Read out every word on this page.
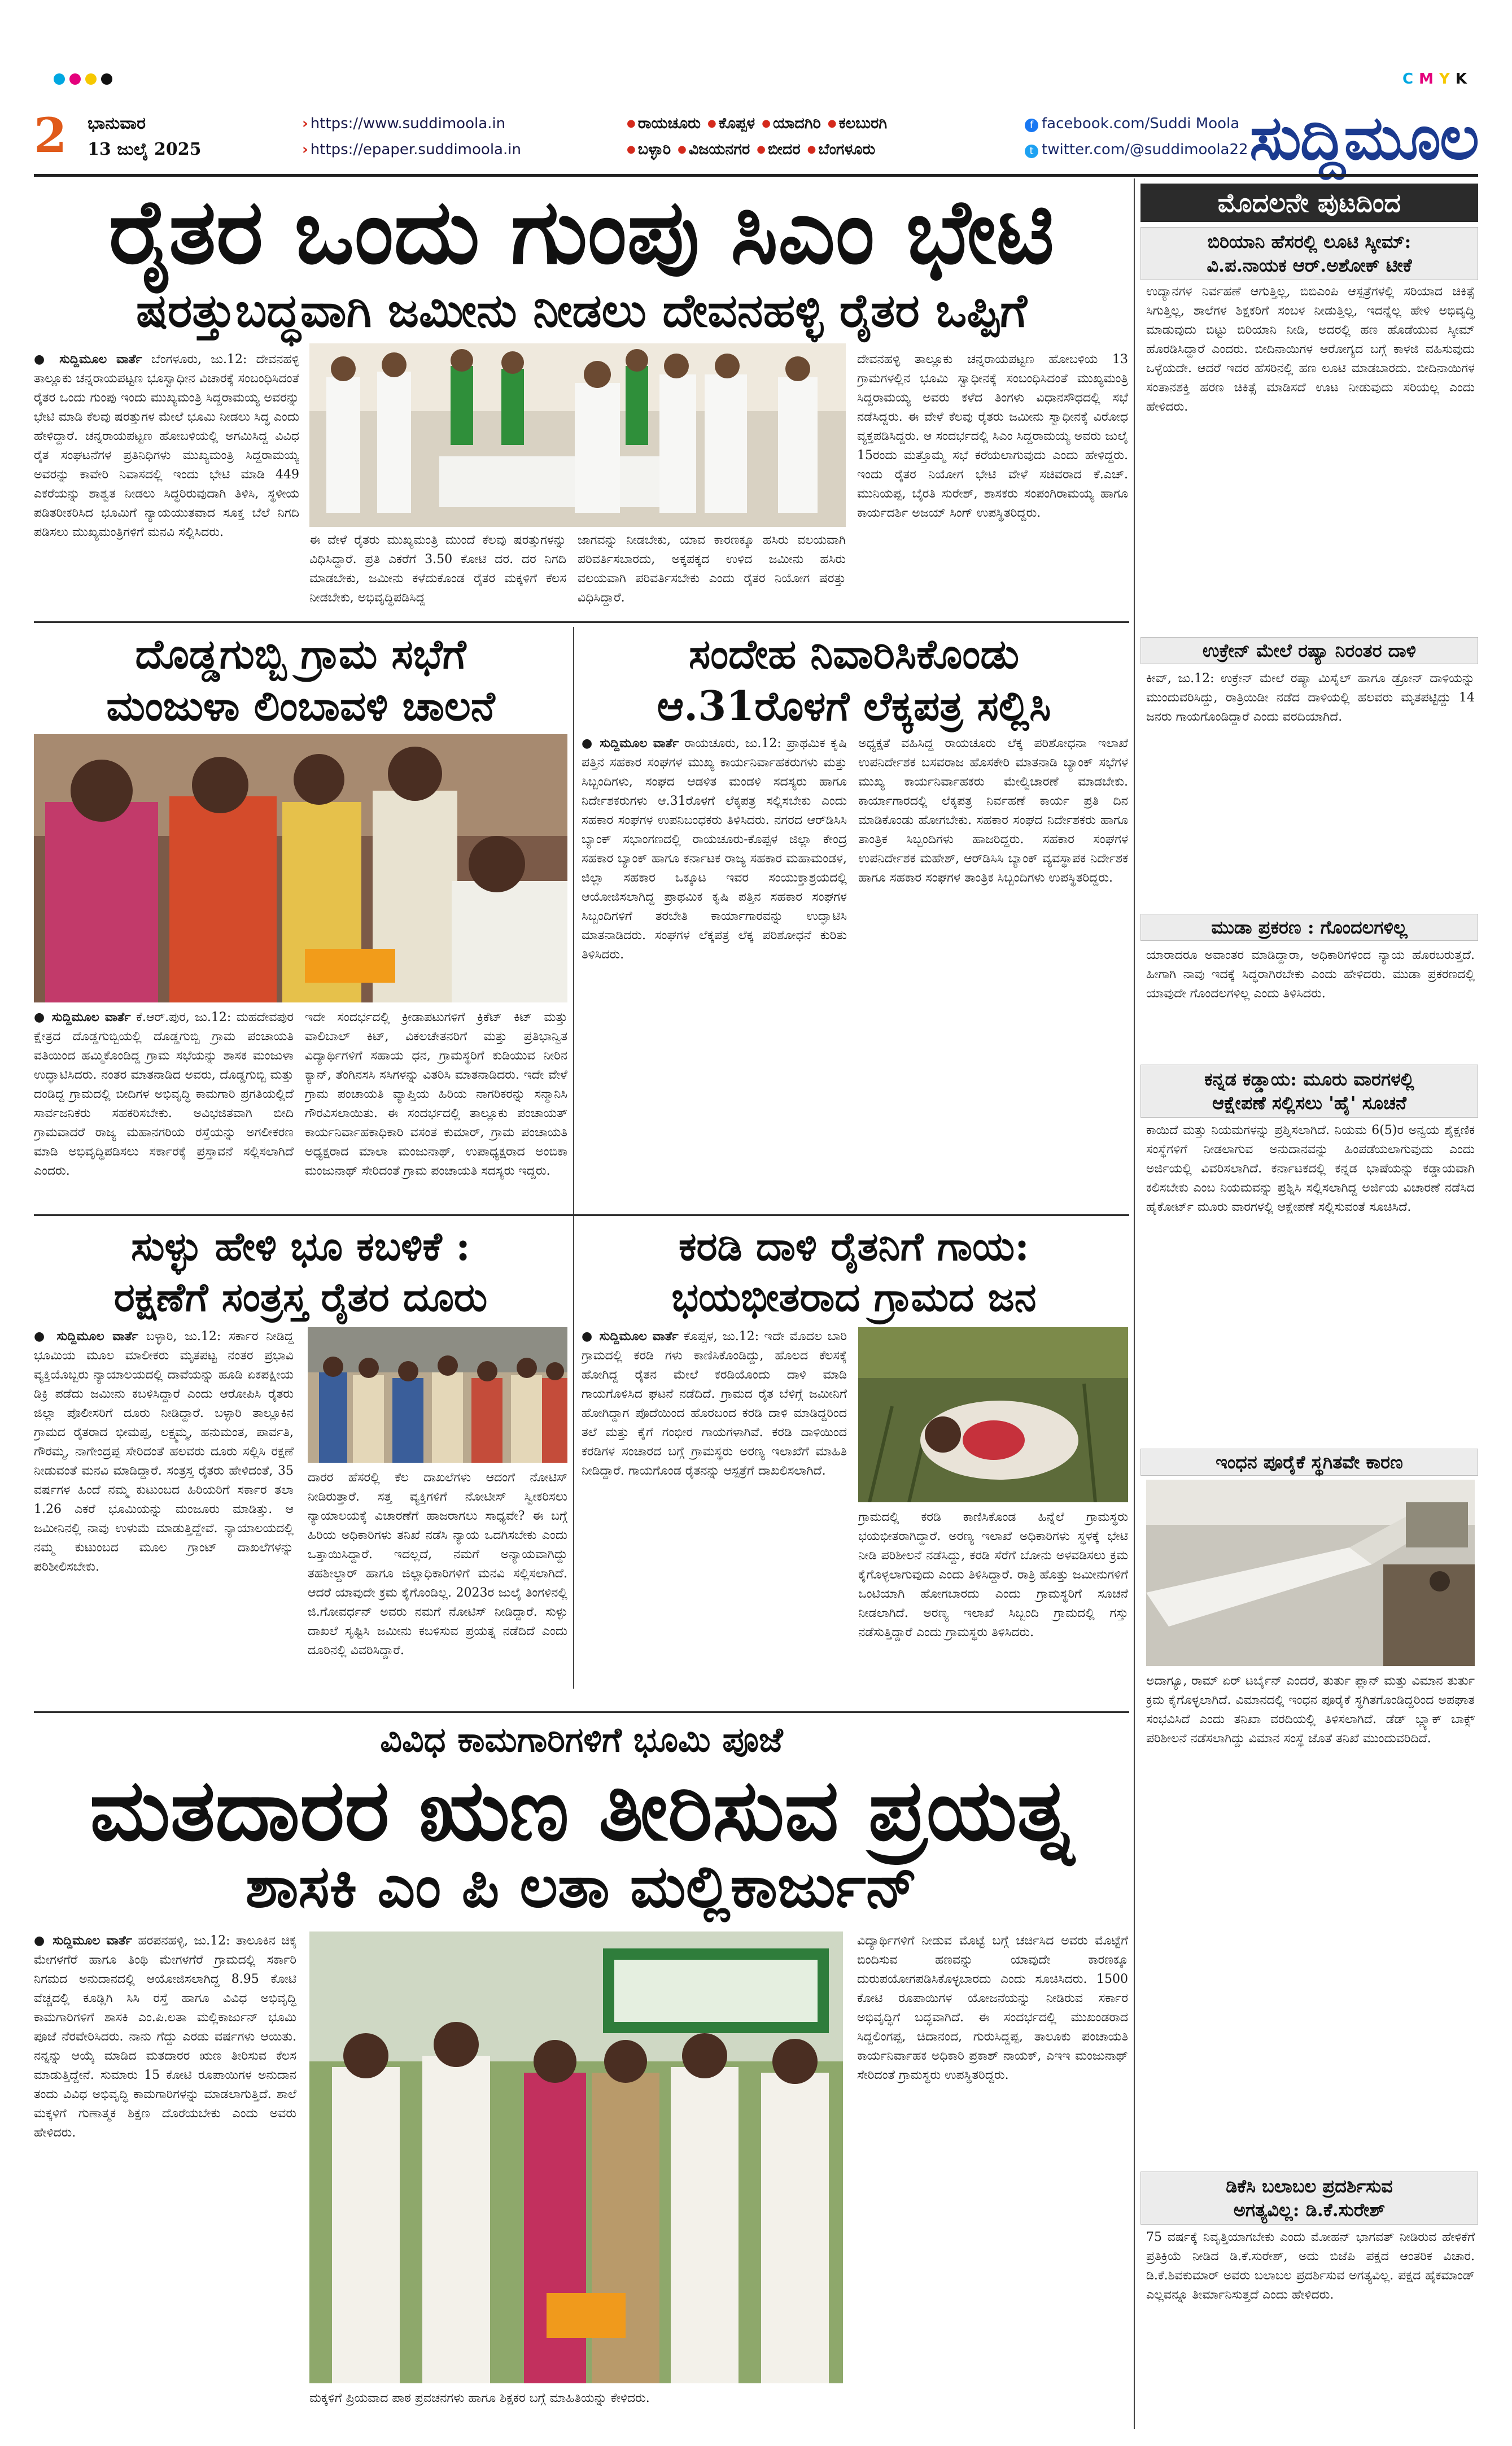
CMYK
2 ಭಾನುವಾರ
13 ಜುಲೈ 2025
› https://www.suddimoola.in
› https://epaper.suddimoola.in
● ರಾಯಚೂರು ● ಕೊಪ್ಪಳ ● ಯಾದಗಿರಿ ● ಕಲಬುರಗಿ
● ಬಳ್ಳಾರಿ ● ವಿಜಯನಗರ ● ಬೀದರ ● ಬೆಂಗಳೂರು
f facebook.com/Suddi Moola
t twitter.com/@suddimoola22 ಸುದ್ದಿಮೂಲ
ರೈತರ ಒಂದು ಗುಂಪು ಸಿಎಂ ಭೇಟಿ
ಷರತ್ತುಬದ್ಧವಾಗಿ ಜಮೀನು ನೀಡಲು ದೇವನಹಳ್ಳಿ ರೈತರ ಒಪ್ಪಿಗೆ
● ಸುದ್ದಿಮೂಲ ವಾರ್ತೆ ಬೆಂಗಳೂರು, ಜು.12: ದೇವನಹಳ್ಳಿ ತಾಲ್ಲೂಕು ಚನ್ನರಾಯಪಟ್ಟಣ ಭೂಸ್ವಾಧೀನ ವಿಚಾರಕ್ಕೆ ಸಂಬಂಧಿಸಿದಂತೆ ರೈತರ ಒಂದು ಗುಂಪು ಇಂದು ಮುಖ್ಯಮಂತ್ರಿ ಸಿದ್ದರಾಮಯ್ಯ ಅವರನ್ನು ಭೇಟಿ ಮಾಡಿ ಕೆಲವು ಷರತ್ತುಗಳ ಮೇಲೆ ಭೂಮಿ ನೀಡಲು ಸಿದ್ಧ ಎಂದು ಹೇಳಿದ್ದಾರೆ. ಚನ್ನರಾಯಪಟ್ಟಣ ಹೋಬಳಿಯಲ್ಲಿ ಅಗಮಿಸಿದ್ದ ವಿವಿಧ ರೈತ ಸಂಘಟನೆಗಳ ಪ್ರತಿನಿಧಿಗಳು ಮುಖ್ಯಮಂತ್ರಿ ಸಿದ್ದರಾಮಯ್ಯ ಅವರನ್ನು ಕಾವೇರಿ ನಿವಾಸದಲ್ಲಿ ಇಂದು ಭೇಟಿ ಮಾಡಿ 449 ಎಕರೆಯನ್ನು ಶಾಶ್ವತ ನೀಡಲು ಸಿದ್ಧರಿರುವುದಾಗಿ ತಿಳಿಸಿ, ಸ್ಥಳೀಯ ಪಡಿತರೀಕರಿಸಿದ ಭೂಮಿಗೆ ನ್ಯಾಯಯುತವಾದ ಸೂಕ್ತ ಬೆಲೆ ನಿಗದಿ ಪಡಿಸಲು ಮುಖ್ಯಮಂತ್ರಿಗಳಿಗೆ ಮನವಿ ಸಲ್ಲಿಸಿದರು.
ಈ ವೇಳೆ ರೈತರು ಮುಖ್ಯಮಂತ್ರಿ ಮುಂದೆ ಕೆಲವು ಷರತ್ತುಗಳನ್ನು ವಿಧಿಸಿದ್ದಾರೆ. ಪ್ರತಿ ಎಕರೆಗೆ 3.50 ಕೋಟಿ ದರ. ದರ ನಿಗದಿ ಮಾಡಬೇಕು, ಜಮೀನು ಕಳೆದುಕೊಂಡ ರೈತರ ಮಕ್ಕಳಿಗೆ ಕೆಲಸ ನೀಡಬೇಕು, ಅಭಿವೃದ್ಧಿಪಡಿಸಿದ್ದ
ಜಾಗವನ್ನು ನೀಡಬೇಕು, ಯಾವ ಕಾರಣಕ್ಕೂ ಹಸಿರು ವಲಯವಾಗಿ ಪರಿವರ್ತಿಸಬಾರದು, ಅಕ್ಕಪಕ್ಕದ ಉಳಿದ ಜಮೀನು ಹಸಿರು ವಲಯವಾಗಿ ಪರಿವರ್ತಿಸಬೇಕು ಎಂದು ರೈತರ ನಿಯೋಗ ಷರತ್ತು ವಿಧಿಸಿದ್ದಾರೆ.
ದೇವನಹಳ್ಳಿ ತಾಲ್ಲೂಕು ಚನ್ನರಾಯಪಟ್ಟಣ ಹೋಬಳಿಯ 13 ಗ್ರಾಮಗಳಲ್ಲಿನ ಭೂಮಿ ಸ್ವಾಧೀನಕ್ಕೆ ಸಂಬಂಧಿಸಿದಂತೆ ಮುಖ್ಯಮಂತ್ರಿ ಸಿದ್ದರಾಮಯ್ಯ ಅವರು ಕಳೆದ ತಿಂಗಳು ವಿಧಾನಸೌಧದಲ್ಲಿ ಸಭೆ ನಡೆಸಿದ್ದರು. ಈ ವೇಳೆ ಕೆಲವು ರೈತರು ಜಮೀನು ಸ್ವಾಧೀನಕ್ಕೆ ವಿರೋಧ ವ್ಯಕ್ತಪಡಿಸಿದ್ದರು. ಆ ಸಂದರ್ಭದಲ್ಲಿ ಸಿಎಂ ಸಿದ್ದರಾಮಯ್ಯ ಅವರು ಜುಲೈ 15ರಂದು ಮತ್ತೊಮ್ಮೆ ಸಭೆ ಕರೆಯಲಾಗುವುದು ಎಂದು ಹೇಳಿದ್ದರು. ಇಂದು ರೈತರ ನಿಯೋಗ ಭೇಟಿ ವೇಳೆ ಸಚಿವರಾದ ಕೆ.ಎಚ್. ಮುನಿಯಪ್ಪ, ಬೈರತಿ ಸುರೇಶ್, ಶಾಸಕರು ಸಂಪಂಗಿರಾಮಯ್ಯ ಹಾಗೂ ಕಾರ್ಯದರ್ಶಿ ಅಜಯ್ ಸಿಂಗ್ ಉಪಸ್ಥಿತರಿದ್ದರು.
ದೊಡ್ಡಗುಬ್ಬಿ ಗ್ರಾಮ ಸಭೆಗೆ
ಮಂಜುಳಾ ಲಿಂಬಾವಳಿ ಚಾಲನೆ
● ಸುದ್ದಿಮೂಲ ವಾರ್ತೆ ಕೆ.ಆರ್.ಪುರ, ಜು.12: ಮಹದೇವಪುರ ಕ್ಷೇತ್ರದ ದೊಡ್ಡಗುಬ್ಬಿಯಲ್ಲಿ ದೊಡ್ಡಗುಬ್ಬಿ ಗ್ರಾಮ ಪಂಚಾಯತಿ ವತಿಯಿಂದ ಹಮ್ಮಿಕೊಂಡಿದ್ದ ಗ್ರಾಮ ಸಭೆಯನ್ನು ಶಾಸಕ ಮಂಜುಳಾ ಉದ್ಘಾಟಿಸಿದರು. ನಂತರ ಮಾತನಾಡಿದ ಅವರು, ದೊಡ್ಡಗುಬ್ಬಿ ಮತ್ತು ದಂಡಿದ್ದ ಗ್ರಾಮದಲ್ಲಿ ಬೀದಿಗಳ ಅಭಿವೃದ್ಧಿ ಕಾಮಗಾರಿ ಪ್ರಗತಿಯಲ್ಲಿದೆ ಸಾರ್ವಜನಿಕರು ಸಹಕರಿಸಬೇಕು. ಅವಿಭಜಿತವಾಗಿ ಬೀದಿ ಗ್ರಾಮವಾದರೆ ರಾಜ್ಯ ಮಹಾನಗರಿಯ ರಸ್ತೆಯನ್ನು ಅಗಲೀಕರಣ ಮಾಡಿ ಅಭಿವೃದ್ಧಿಪಡಿಸಲು ಸರ್ಕಾರಕ್ಕೆ ಪ್ರಸ್ತಾವನೆ ಸಲ್ಲಿಸಲಾಗಿದೆ ಎಂದರು.
ಇದೇ ಸಂದರ್ಭದಲ್ಲಿ ಕ್ರೀಡಾಪಟುಗಳಿಗೆ ಕ್ರಿಕೆಟ್ ಕಿಟ್ ಮತ್ತು ವಾಲಿಬಾಲ್ ಕಿಟ್, ವಿಕಲಚೇತನರಿಗೆ ಮತ್ತು ಪ್ರತಿಭಾನ್ವಿತ ವಿದ್ಯಾರ್ಥಿಗಳಿಗೆ ಸಹಾಯ ಧನ, ಗ್ರಾಮಸ್ಥರಿಗೆ ಕುಡಿಯುವ ನೀರಿನ ಕ್ಯಾನ್, ತೆಂಗಿನಸಸಿ ಸಸಿಗಳನ್ನು ವಿತರಿಸಿ ಮಾತನಾಡಿದರು. ಇದೇ ವೇಳೆ ಗ್ರಾಮ ಪಂಚಾಯತಿ ವ್ಯಾಪ್ತಿಯ ಹಿರಿಯ ನಾಗರಿಕರನ್ನು ಸನ್ಮಾನಿಸಿ ಗೌರವಿಸಲಾಯಿತು. ಈ ಸಂದರ್ಭದಲ್ಲಿ ತಾಲ್ಲೂಕು ಪಂಚಾಯತ್ ಕಾರ್ಯನಿರ್ವಾಹಕಾಧಿಕಾರಿ ವಸಂತ ಕುಮಾರ್, ಗ್ರಾಮ ಪಂಚಾಯತಿ ಅಧ್ಯಕ್ಷರಾದ ಮಾಲಾ ಮಂಜುನಾಥ್, ಉಪಾಧ್ಯಕ್ಷರಾದ ಅಂಬಿಕಾ ಮಂಜುನಾಥ್ ಸೇರಿದಂತೆ ಗ್ರಾಮ ಪಂಚಾಯತಿ ಸದಸ್ಯರು ಇದ್ದರು.
ಸಂದೇಹ ನಿವಾರಿಸಿಕೊಂಡು
ಆ.31ರೊಳಗೆ ಲೆಕ್ಕಪತ್ರ ಸಲ್ಲಿಸಿ
● ಸುದ್ದಿಮೂಲ ವಾರ್ತೆ ರಾಯಚೂರು, ಜು.12: ಪ್ರಾಥಮಿಕ ಕೃಷಿ ಪತ್ತಿನ ಸಹಕಾರ ಸಂಘಗಳ ಮುಖ್ಯ ಕಾರ್ಯನಿರ್ವಾಹಕರುಗಳು ಮತ್ತು ಸಿಬ್ಬಂದಿಗಳು, ಸಂಘದ ಆಡಳಿತ ಮಂಡಳಿ ಸದಸ್ಯರು ಹಾಗೂ ನಿರ್ದೇಶಕರುಗಳು ಆ.31ರೊಳಗೆ ಲೆಕ್ಕಪತ್ರ ಸಲ್ಲಿಸಬೇಕು ಎಂದು ಸಹಕಾರ ಸಂಘಗಳ ಉಪನಿಬಂಧಕರು ತಿಳಿಸಿದರು. ನಗರದ ಆರ್‌ಡಿಸಿಸಿ ಬ್ಯಾಂಕ್ ಸಭಾಂಗಣದಲ್ಲಿ ರಾಯಚೂರು-ಕೊಪ್ಪಳ ಜಿಲ್ಲಾ ಕೇಂದ್ರ ಸಹಕಾರ ಬ್ಯಾಂಕ್ ಹಾಗೂ ಕರ್ನಾಟಕ ರಾಜ್ಯ ಸಹಕಾರ ಮಹಾಮಂಡಳ, ಜಿಲ್ಲಾ ಸಹಕಾರ ಒಕ್ಕೂಟ ಇವರ ಸಂಯುಕ್ತಾಶ್ರಯದಲ್ಲಿ ಆಯೋಜಿಸಲಾಗಿದ್ದ ಪ್ರಾಥಮಿಕ ಕೃಷಿ ಪತ್ತಿನ ಸಹಕಾರ ಸಂಘಗಳ ಸಿಬ್ಬಂದಿಗಳಿಗೆ ತರಬೇತಿ ಕಾರ್ಯಾಗಾರವನ್ನು ಉದ್ಘಾಟಿಸಿ ಮಾತನಾಡಿದರು. ಸಂಘಗಳ ಲೆಕ್ಕಪತ್ರ ಲೆಕ್ಕ ಪರಿಶೋಧನೆ ಕುರಿತು ತಿಳಿಸಿದರು.
ಅಧ್ಯಕ್ಷತೆ ವಹಿಸಿದ್ದ ರಾಯಚೂರು ಲೆಕ್ಕ ಪರಿಶೋಧನಾ ಇಲಾಖೆ ಉಪನಿರ್ದೇಶಕ ಬಸವರಾಜ ಹೊಸಕೇರಿ ಮಾತನಾಡಿ ಬ್ಯಾಂಕ್ ಸಭೆಗಳ ಮುಖ್ಯ ಕಾರ್ಯನಿರ್ವಾಹಕರು ಮೇಲ್ವಿಚಾರಣೆ ಮಾಡಬೇಕು. ಕಾರ್ಯಾಗಾರದಲ್ಲಿ ಲೆಕ್ಕಪತ್ರ ನಿರ್ವಹಣೆ ಕಾರ್ಯ ಪ್ರತಿ ದಿನ ಮಾಡಿಕೊಂಡು ಹೋಗಬೇಕು. ಸಹಕಾರ ಸಂಘದ ನಿರ್ದೇಶಕರು ಹಾಗೂ ತಾಂತ್ರಿಕ ಸಿಬ್ಬಂದಿಗಳು ಹಾಜರಿದ್ದರು. ಸಹಕಾರ ಸಂಘಗಳ ಉಪನಿರ್ದೇಶಕ ಮಹೇಶ್, ಆರ್‌ಡಿಸಿಸಿ ಬ್ಯಾಂಕ್ ವ್ಯವಸ್ಥಾಪಕ ನಿರ್ದೇಶಕ ಹಾಗೂ ಸಹಕಾರ ಸಂಘಗಳ ತಾಂತ್ರಿಕ ಸಿಬ್ಬಂದಿಗಳು ಉಪಸ್ಥಿತರಿದ್ದರು.
ಸುಳ್ಳು ಹೇಳಿ ಭೂ ಕಬಳಿಕೆ :
ರಕ್ಷಣೆಗೆ ಸಂತ್ರಸ್ತ ರೈತರ ದೂರು
● ಸುದ್ದಿಮೂಲ ವಾರ್ತೆ ಬಳ್ಳಾರಿ, ಜು.12: ಸರ್ಕಾರ ನೀಡಿದ್ದ ಭೂಮಿಯ ಮೂಲ ಮಾಲೀಕರು ಮೃತಪಟ್ಟ ನಂತರ ಪ್ರಭಾವಿ ವ್ಯಕ್ತಿಯೊಬ್ಬರು ನ್ಯಾಯಾಲಯದಲ್ಲಿ ದಾವೆಯನ್ನು ಹೂಡಿ ಏಕಪಕ್ಷೀಯ ಡಿಕ್ರಿ ಪಡೆದು ಜಮೀನು ಕಬಳಿಸಿದ್ದಾರೆ ಎಂದು ಆರೋಪಿಸಿ ರೈತರು ಜಿಲ್ಲಾ ಪೊಲೀಸರಿಗೆ ದೂರು ನೀಡಿದ್ದಾರೆ. ಬಳ್ಳಾರಿ ತಾಲ್ಲೂಕಿನ ಗ್ರಾಮದ ರೈತರಾದ ಭೀಮಪ್ಪ, ಲಕ್ಷ್ಮಮ್ಮ, ಹನುಮಂತ, ಪಾರ್ವತಿ, ಗೌರಮ್ಮ, ನಾಗೇಂದ್ರಪ್ಪ ಸೇರಿದಂತೆ ಹಲವರು ದೂರು ಸಲ್ಲಿಸಿ ರಕ್ಷಣೆ ನೀಡುವಂತೆ ಮನವಿ ಮಾಡಿದ್ದಾರೆ. ಸಂತ್ರಸ್ತ ರೈತರು ಹೇಳಿದಂತೆ, 35 ವರ್ಷಗಳ ಹಿಂದೆ ನಮ್ಮ ಕುಟುಂಬದ ಹಿರಿಯರಿಗೆ ಸರ್ಕಾರ ತಲಾ 1.26 ಎಕರೆ ಭೂಮಿಯನ್ನು ಮಂಜೂರು ಮಾಡಿತ್ತು. ಆ ಜಮೀನಿನಲ್ಲಿ ನಾವು ಉಳುಮೆ ಮಾಡುತ್ತಿದ್ದೇವೆ. ನ್ಯಾಯಾಲಯದಲ್ಲಿ ನಮ್ಮ ಕುಟುಂಬದ ಮೂಲ ಗ್ರಾಂಟ್ ದಾಖಲೆಗಳನ್ನು ಪರಿಶೀಲಿಸಬೇಕು.
ದಾರರ ಹೆಸರಲ್ಲಿ ಕೆಲ ದಾಖಲೆಗಳು ಆದಂಗೆ ನೋಟಿಸ್ ನೀಡಿರುತ್ತಾರೆ. ಸತ್ತ ವ್ಯಕ್ತಿಗಳಿಗೆ ನೋಟೀಸ್ ಸ್ವೀಕರಿಸಲು ನ್ಯಾಯಾಲಯಕ್ಕೆ ವಿಚಾರಣೆಗೆ ಹಾಜರಾಗಲು ಸಾಧ್ಯವೇ? ಈ ಬಗ್ಗೆ ಹಿರಿಯ ಅಧಿಕಾರಿಗಳು ತನಿಖೆ ನಡೆಸಿ ನ್ಯಾಯ ಒದಗಿಸಬೇಕು ಎಂದು ಒತ್ತಾಯಿಸಿದ್ದಾರೆ. ಇದಲ್ಲದೆ, ನಮಗೆ ಅನ್ಯಾಯವಾಗಿದ್ದು ತಹಶೀಲ್ದಾರ್ ಹಾಗೂ ಜಿಲ್ಲಾಧಿಕಾರಿಗಳಿಗೆ ಮನವಿ ಸಲ್ಲಿಸಲಾಗಿದೆ. ಆದರೆ ಯಾವುದೇ ಕ್ರಮ ಕೈಗೊಂಡಿಲ್ಲ. 2023ರ ಜುಲೈ ತಿಂಗಳಿನಲ್ಲಿ ಜಿ.ಗೋವರ್ಧನ್ ಅವರು ನಮಗೆ ನೋಟಿಸ್ ನೀಡಿದ್ದಾರೆ. ಸುಳ್ಳು ದಾಖಲೆ ಸೃಷ್ಟಿಸಿ ಜಮೀನು ಕಬಳಿಸುವ ಪ್ರಯತ್ನ ನಡೆದಿದೆ ಎಂದು ದೂರಿನಲ್ಲಿ ವಿವರಿಸಿದ್ದಾರೆ.
ಕರಡಿ ದಾಳಿ ರೈತನಿಗೆ ಗಾಯ:
ಭಯಭೀತರಾದ ಗ್ರಾಮದ ಜನ
● ಸುದ್ದಿಮೂಲ ವಾರ್ತೆ ಕೊಪ್ಪಳ, ಜು.12: ಇದೇ ಮೊದಲ ಬಾರಿ ಗ್ರಾಮದಲ್ಲಿ ಕರಡಿ ಗಳು ಕಾಣಿಸಿಕೊಂಡಿದ್ದು, ಹೊಲದ ಕೆಲಸಕ್ಕೆ ಹೋಗಿದ್ದ ರೈತನ ಮೇಲೆ ಕರಡಿಯೊಂದು ದಾಳಿ ಮಾಡಿ ಗಾಯಗೊಳಿಸಿದ ಘಟನೆ ನಡೆದಿದೆ. ಗ್ರಾಮದ ರೈತ ಬೆಳಿಗ್ಗೆ ಜಮೀನಿಗೆ ಹೋಗಿದ್ದಾಗ ಪೊದೆಯಿಂದ ಹೊರಬಂದ ಕರಡಿ ದಾಳಿ ಮಾಡಿದ್ದರಿಂದ ತಲೆ ಮತ್ತು ಕೈಗೆ ಗಂಭೀರ ಗಾಯಗಳಾಗಿವೆ. ಕರಡಿ ದಾಳಿಯಿಂದ ಕರಡಿಗಳ ಸಂಚಾರದ ಬಗ್ಗೆ ಗ್ರಾಮಸ್ಥರು ಅರಣ್ಯ ಇಲಾಖೆಗೆ ಮಾಹಿತಿ ನೀಡಿದ್ದಾರೆ. ಗಾಯಗೊಂಡ ರೈತನನ್ನು ಆಸ್ಪತ್ರೆಗೆ ದಾಖಲಿಸಲಾಗಿದೆ.
ಗ್ರಾಮದಲ್ಲಿ ಕರಡಿ ಕಾಣಿಸಿಕೊಂಡ ಹಿನ್ನೆಲೆ ಗ್ರಾಮಸ್ಥರು ಭಯಭೀತರಾಗಿದ್ದಾರೆ. ಅರಣ್ಯ ಇಲಾಖೆ ಅಧಿಕಾರಿಗಳು ಸ್ಥಳಕ್ಕೆ ಭೇಟಿ ನೀಡಿ ಪರಿಶೀಲನೆ ನಡೆಸಿದ್ದು, ಕರಡಿ ಸೆರೆಗೆ ಬೋನು ಅಳವಡಿಸಲು ಕ್ರಮ ಕೈಗೊಳ್ಳಲಾಗುವುದು ಎಂದು ತಿಳಿಸಿದ್ದಾರೆ. ರಾತ್ರಿ ಹೊತ್ತು ಜಮೀನುಗಳಿಗೆ ಒಂಟಿಯಾಗಿ ಹೋಗಬಾರದು ಎಂದು ಗ್ರಾಮಸ್ಥರಿಗೆ ಸೂಚನೆ ನೀಡಲಾಗಿದೆ. ಅರಣ್ಯ ಇಲಾಖೆ ಸಿಬ್ಬಂದಿ ಗ್ರಾಮದಲ್ಲಿ ಗಸ್ತು ನಡೆಸುತ್ತಿದ್ದಾರೆ ಎಂದು ಗ್ರಾಮಸ್ಥರು ತಿಳಿಸಿದರು.
ವಿವಿಧ ಕಾಮಗಾರಿಗಳಿಗೆ ಭೂಮಿ ಪೂಜೆ
ಮತದಾರರ ಋಣ ತೀರಿಸುವ ಪ್ರಯತ್ನ
ಶಾಸಕಿ ಎಂ ಪಿ ಲತಾ ಮಲ್ಲಿಕಾರ್ಜುನ್
● ಸುದ್ದಿಮೂಲ ವಾರ್ತೆ ಹರಪನಹಳ್ಳಿ, ಜು.12: ತಾಲೂಕಿನ ಚಿಕ್ಕ ಮೇಗಳಗೆರೆ ಹಾಗೂ ತಿಂಥಿ ಮೇಗಳಗೆರೆ ಗ್ರಾಮದಲ್ಲಿ ಸರ್ಕಾರಿ ನಿಗಮದ ಅನುದಾನದಲ್ಲಿ ಆಯೋಜಿಸಲಾಗಿದ್ದ 8.95 ಕೋಟಿ ವೆಚ್ಚದಲ್ಲಿ ಕೂಡ್ಲಿಗಿ ಸಿಸಿ ರಸ್ತೆ ಹಾಗೂ ವಿವಿಧ ಅಭಿವೃದ್ಧಿ ಕಾಮಗಾರಿಗಳಿಗೆ ಶಾಸಕಿ ಎಂ.ಪಿ.ಲತಾ ಮಲ್ಲಿಕಾರ್ಜುನ್ ಭೂಮಿ ಪೂಜೆ ನೆರವೇರಿಸಿದರು. ನಾನು ಗೆದ್ದು ಎರಡು ವರ್ಷಗಳು ಆಯಿತು. ನನ್ನನ್ನು ಆಯ್ಕೆ ಮಾಡಿದ ಮತದಾರರ ಋಣ ತೀರಿಸುವ ಕೆಲಸ ಮಾಡುತ್ತಿದ್ದೇನೆ. ಸುಮಾರು 15 ಕೋಟಿ ರೂಪಾಯಿಗಳ ಅನುದಾನ ತಂದು ವಿವಿಧ ಅಭಿವೃದ್ಧಿ ಕಾಮಗಾರಿಗಳನ್ನು ಮಾಡಲಾಗುತ್ತಿದೆ. ಶಾಲೆ ಮಕ್ಕಳಿಗೆ ಗುಣಾತ್ಮಕ ಶಿಕ್ಷಣ ದೊರೆಯಬೇಕು ಎಂದು ಅವರು ಹೇಳಿದರು.
ಮಕ್ಕಳಿಗೆ ಪ್ರಿಯವಾದ ಪಾಠ ಪ್ರವಚನಗಳು ಹಾಗೂ ಶಿಕ್ಷಕರ ಬಗ್ಗೆ ಮಾಹಿತಿಯನ್ನು ಕೇಳಿದರು.
ವಿದ್ಯಾರ್ಥಿಗಳಿಗೆ ನೀಡುವ ಮೊಟ್ಟೆ ಬಗ್ಗೆ ಚರ್ಚಿಸಿದ ಅವರು ಮೊಟ್ಟೆಗೆ ಬಿಂದಿಸುವ ಹಣವನ್ನು ಯಾವುದೇ ಕಾರಣಕ್ಕೂ ದುರುಪಯೋಗಪಡಿಸಿಕೊಳ್ಳಬಾರದು ಎಂದು ಸೂಚಿಸಿದರು. 1500 ಕೋಟಿ ರೂಪಾಯಿಗಳ ಯೋಜನೆಯನ್ನು ನೀಡಿರುವ ಸರ್ಕಾರ ಅಭಿವೃದ್ಧಿಗೆ ಬದ್ಧವಾಗಿದೆ. ಈ ಸಂದರ್ಭದಲ್ಲಿ ಮುಖಂಡರಾದ ಸಿದ್ದಲಿಂಗಪ್ಪ, ಚಿದಾನಂದ, ಗುರುಸಿದ್ದಪ್ಪ, ತಾಲೂಕು ಪಂಚಾಯತಿ ಕಾರ್ಯನಿರ್ವಾಹಕ ಅಧಿಕಾರಿ ಪ್ರಕಾಶ್ ನಾಯಕ್, ಎಇಇ ಮಂಜುನಾಥ್ ಸೇರಿದಂತೆ ಗ್ರಾಮಸ್ಥರು ಉಪಸ್ಥಿತರಿದ್ದರು.
ಮೊದಲನೇ ಪುಟದಿಂದ
ಬಿರಿಯಾನಿ ಹೆಸರಲ್ಲಿ ಲೂಟಿ ಸ್ಕೀಮ್:
ವಿ.ಪ.ನಾಯಕ ಆರ್.ಅಶೋಕ್ ಟೀಕೆ
ಉದ್ಯಾನಗಳ ನಿರ್ವಹಣೆ ಆಗುತ್ತಿಲ್ಲ, ಬಿಬಿಎಂಪಿ ಆಸ್ಪತ್ರೆಗಳಲ್ಲಿ ಸರಿಯಾದ ಚಿಕಿತ್ಸೆ ಸಿಗುತ್ತಿಲ್ಲ, ಶಾಲೆಗಳ ಶಿಕ್ಷಕರಿಗೆ ಸಂಬಳ ನೀಡುತ್ತಿಲ್ಲ, ಇದನ್ನೆಲ್ಲ ಹೇಳಿ ಅಭಿವೃದ್ಧಿ ಮಾಡುವುದು ಬಿಟ್ಟು ಬಿರಿಯಾನಿ ನೀಡಿ, ಅದರಲ್ಲಿ ಹಣ ಹೊಡೆಯುವ ಸ್ಕೀಮ್ ಹೊರಡಿಸಿದ್ದಾರೆ ಎಂದರು. ಬೀದಿನಾಯಿಗಳ ಆರೋಗ್ಯದ ಬಗ್ಗೆ ಕಾಳಜಿ ವಹಿಸುವುದು ಒಳ್ಳೆಯದೇ. ಆದರೆ ಇದರ ಹೆಸರಿನಲ್ಲಿ ಹಣ ಲೂಟಿ ಮಾಡಬಾರದು. ಬೀದಿನಾಯಿಗಳ ಸಂತಾನಶಕ್ತಿ ಹರಣ ಚಿಕಿತ್ಸೆ ಮಾಡಿಸದೆ ಊಟ ನೀಡುವುದು ಸರಿಯಲ್ಲ ಎಂದು ಹೇಳಿದರು.
ಉಕ್ರೇನ್ ಮೇಲೆ ರಷ್ಯಾ ನಿರಂತರ ದಾಳಿ
ಕೀವ್, ಜು.12: ಉಕ್ರೇನ್ ಮೇಲೆ ರಷ್ಯಾ ಮಿಸೈಲ್ ಹಾಗೂ ಡ್ರೋನ್ ದಾಳಿಯನ್ನು ಮುಂದುವರಿಸಿದ್ದು, ರಾತ್ರಿಯಿಡೀ ನಡೆದ ದಾಳಿಯಲ್ಲಿ ಹಲವರು ಮೃತಪಟ್ಟಿದ್ದು 14 ಜನರು ಗಾಯಗೊಂಡಿದ್ದಾರೆ ಎಂದು ವರದಿಯಾಗಿದೆ.
ಮುಡಾ ಪ್ರಕರಣ : ಗೊಂದಲಗಳಿಲ್ಲ
ಯಾರಾದರೂ ಅವಾಂತರ ಮಾಡಿದ್ದಾರಾ, ಅಧಿಕಾರಿಗಳಿಂದ ನ್ಯಾಯ ಹೊರಬರುತ್ತದೆ. ಹೀಗಾಗಿ ನಾವು ಇದಕ್ಕೆ ಸಿದ್ಧರಾಗಿರಬೇಕು ಎಂದು ಹೇಳಿದರು. ಮುಡಾ ಪ್ರಕರಣದಲ್ಲಿ ಯಾವುದೇ ಗೊಂದಲಗಳಿಲ್ಲ ಎಂದು ತಿಳಿಸಿದರು.
ಕನ್ನಡ ಕಡ್ಡಾಯ: ಮೂರು ವಾರಗಳಲ್ಲಿ
ಆಕ್ಷೇಪಣೆ ಸಲ್ಲಿಸಲು 'ಹೈ' ಸೂಚನೆ
ಕಾಯಿದೆ ಮತ್ತು ನಿಯಮಗಳನ್ನು ಪ್ರಶ್ನಿಸಲಾಗಿದೆ. ನಿಯಮ 6(5)ರ ಅನ್ವಯ ಶೈಕ್ಷಣಿಕ ಸಂಸ್ಥೆಗಳಿಗೆ ನೀಡಲಾಗುವ ಅನುದಾನವನ್ನು ಹಿಂಪಡೆಯಲಾಗುವುದು ಎಂದು ಅರ್ಜಿಯಲ್ಲಿ ವಿವರಿಸಲಾಗಿದೆ. ಕರ್ನಾಟಕದಲ್ಲಿ ಕನ್ನಡ ಭಾಷೆಯನ್ನು ಕಡ್ಡಾಯವಾಗಿ ಕಲಿಸಬೇಕು ಎಂಬ ನಿಯಮವನ್ನು ಪ್ರಶ್ನಿಸಿ ಸಲ್ಲಿಸಲಾಗಿದ್ದ ಅರ್ಜಿಯ ವಿಚಾರಣೆ ನಡೆಸಿದ ಹೈಕೋರ್ಟ್ ಮೂರು ವಾರಗಳಲ್ಲಿ ಆಕ್ಷೇಪಣೆ ಸಲ್ಲಿಸುವಂತೆ ಸೂಚಿಸಿದೆ.
ಇಂಧನ ಪೂರೈಕೆ ಸ್ಥಗಿತವೇ ಕಾರಣ
ಅದಾಗ್ಯೂ, ರಾಮ್ ಏರ್ ಟರ್ಬೈನ್ ಎಂದರೆ, ತುರ್ತು ಪ್ಲಾನ್ ಮತ್ತು ವಿಮಾನ ತುರ್ತು ಕ್ರಮ ಕೈಗೊಳ್ಳಲಾಗಿದೆ. ವಿಮಾನದಲ್ಲಿ ಇಂಧನ ಪೂರೈಕೆ ಸ್ಥಗಿತಗೊಂಡಿದ್ದರಿಂದ ಅಪಘಾತ ಸಂಭವಿಸಿದೆ ಎಂದು ತನಿಖಾ ವರದಿಯಲ್ಲಿ ತಿಳಿಸಲಾಗಿದೆ. ಡೆಡ್ ಬ್ಲ್ಯಾಕ್ ಬಾಕ್ಸ್ ಪರಿಶೀಲನೆ ನಡೆಸಲಾಗಿದ್ದು ವಿಮಾನ ಸಂಸ್ಥೆ ಜೊತೆ ತನಿಖೆ ಮುಂದುವರಿದಿದೆ.
ಡಿಕೆಸಿ ಬಲಾಬಲ ಪ್ರದರ್ಶಿಸುವ
ಅಗತ್ಯವಿಲ್ಲ: ಡಿ.ಕೆ.ಸುರೇಶ್
75 ವರ್ಷಕ್ಕೆ ನಿವೃತ್ತಿಯಾಗಬೇಕು ಎಂದು ಮೋಹನ್ ಭಾಗವತ್ ನೀಡಿರುವ ಹೇಳಿಕೆಗೆ ಪ್ರತಿಕ್ರಿಯೆ ನೀಡಿದ ಡಿ.ಕೆ.ಸುರೇಶ್, ಅದು ಬಿಜೆಪಿ ಪಕ್ಷದ ಆಂತರಿಕ ವಿಚಾರ. ಡಿ.ಕೆ.ಶಿವಕುಮಾರ್ ಅವರು ಬಲಾಬಲ ಪ್ರದರ್ಶಿಸುವ ಅಗತ್ಯವಿಲ್ಲ. ಪಕ್ಷದ ಹೈಕಮಾಂಡ್ ಎಲ್ಲವನ್ನೂ ತೀರ್ಮಾನಿಸುತ್ತದೆ ಎಂದು ಹೇಳಿದರು.
